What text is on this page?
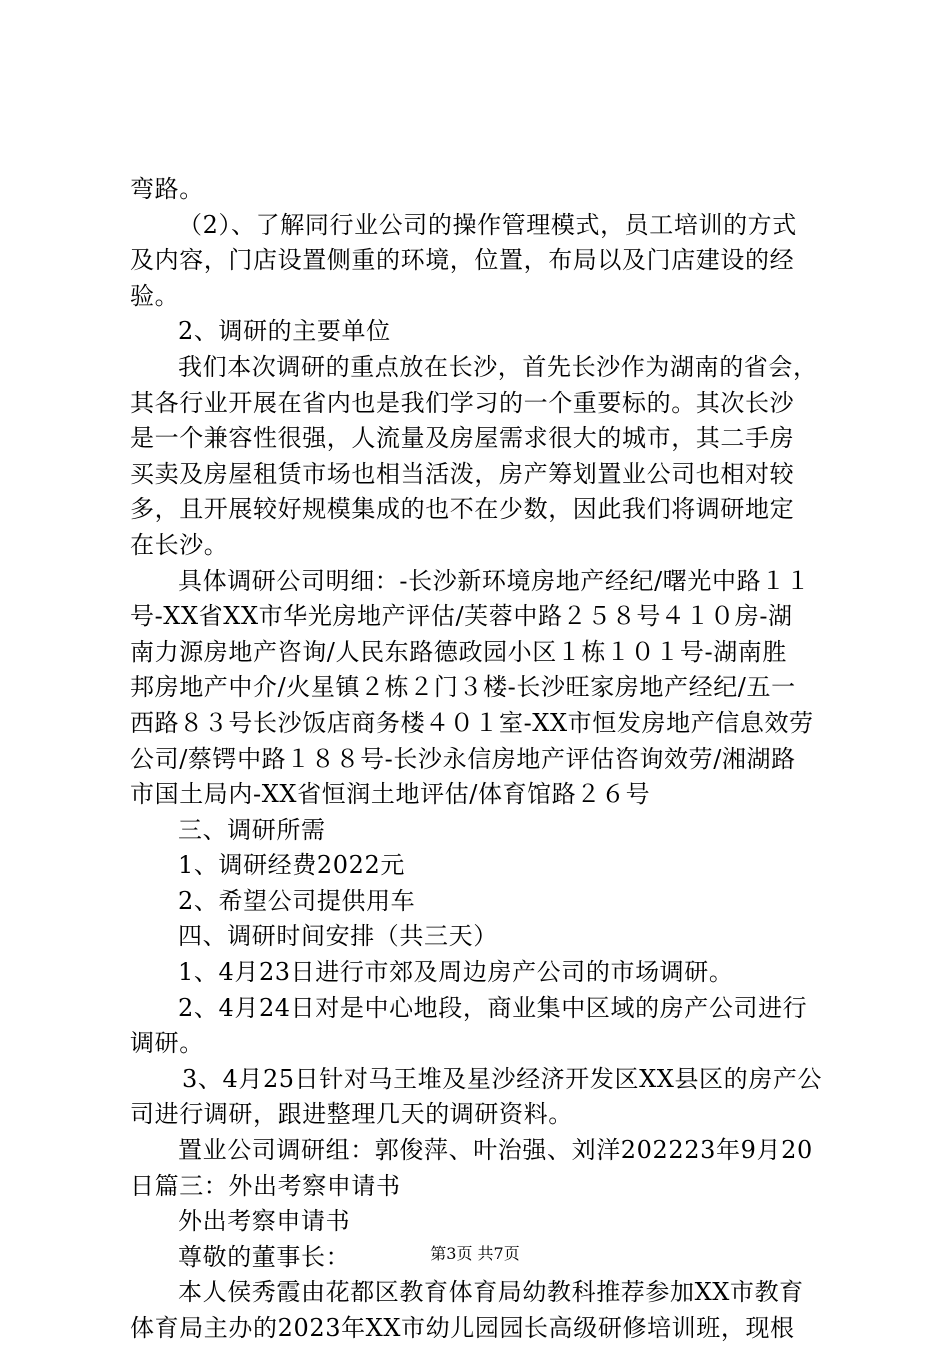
弯路。
（2）、了解同行业公司的操作管理模式，员工培训的方式
及内容，门店设置侧重的环境，位置，布局以及门店建设的经
验。
2、调研的主要单位
我们本次调研的重点放在长沙，首先长沙作为湖南的省会，
其各行业开展在省内也是我们学习的一个重要标的。其次长沙
是一个兼容性很强，人流量及房屋需求很大的城市，其二手房
买卖及房屋租赁市场也相当活泼，房产筹划置业公司也相对较
多，且开展较好规模集成的也不在少数，因此我们将调研地定
在长沙。
具体调研公司明细：-长沙新环境房地产经纪/曙光中路１１
号-XX省XX市华光房地产评估/芙蓉中路２５８号４１０房-湖
南力源房地产咨询/人民东路德政园小区１栋１０１号-湖南胜
邦房地产中介/火星镇２栋２门３楼-长沙旺家房地产经纪/五一
西路８３号长沙饭店商务楼４０１室-XX市恒发房地产信息效劳
公司/蔡锷中路１８８号-长沙永信房地产评估咨询效劳/湘湖路
市国土局内-XX省恒润土地评估/体育馆路２６号
三、调研所需
1、调研经费2022元
2、希望公司提供用车
四、调研时间安排（共三天）
1、4月23日进行市郊及周边房产公司的市场调研。
2、4月24日对是中心地段，商业集中区域的房产公司进行
调研。
3、4月25日针对马王堆及星沙经济开发区XX县区的房产公
司进行调研，跟进整理几天的调研资料。
置业公司调研组：郭俊萍、叶治强、刘洋202223年9月20
日篇三：外出考察申请书
外出考察申请书
尊敬的董事长：
本人侯秀霞由花都区教育体育局幼教科推荐参加XX市教育
体育局主办的2023年XX市幼儿园园长高级研修培训班，现根
第3页 共7页
